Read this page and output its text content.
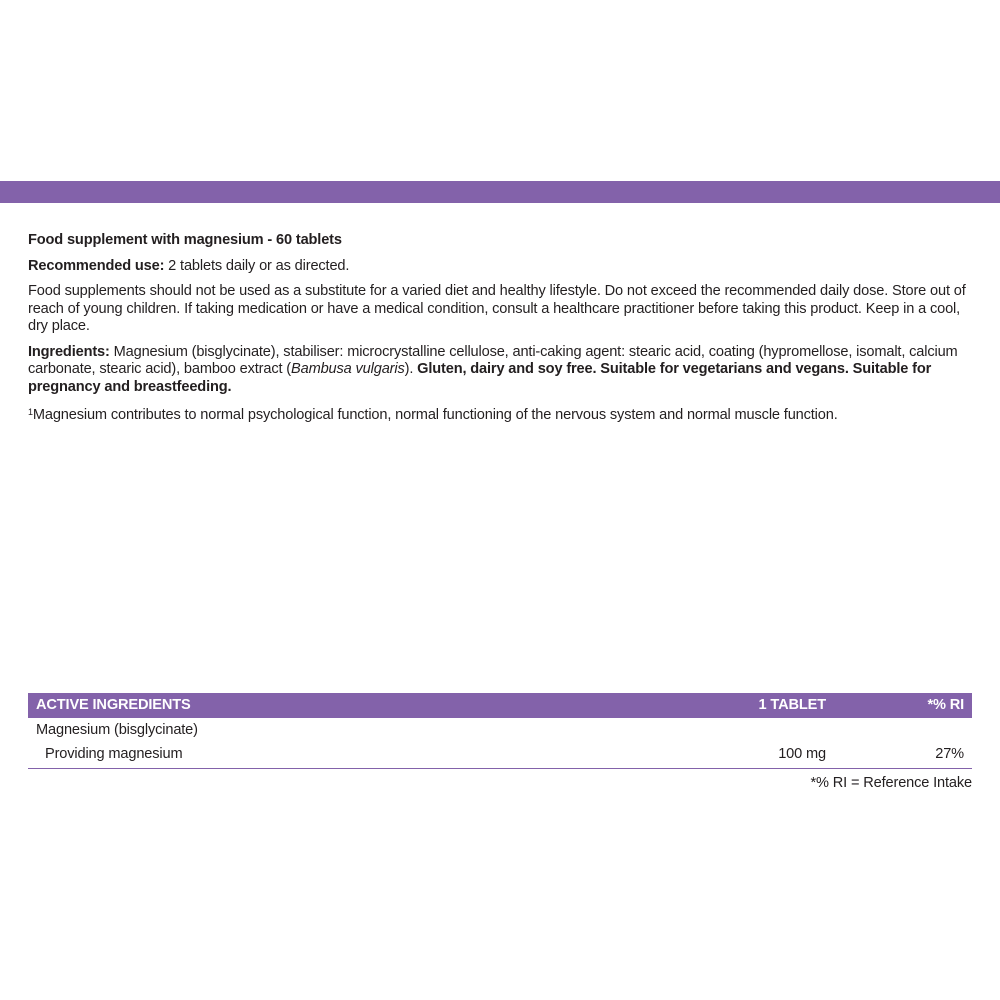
Food supplement with magnesium - 60 tablets

Recommended use: 2 tablets daily or as directed.

Food supplements should not be used as a substitute for a varied diet and healthy lifestyle. Do not exceed the recommended daily dose. Store out of reach of young children. If taking medication or have a medical condition, consult a healthcare practitioner before taking this product. Keep in a cool, dry place.

Ingredients: Magnesium (bisglycinate), stabiliser: microcrystalline cellulose, anti-caking agent: stearic acid, coating (hypromellose, isomalt, calcium carbonate, stearic acid), bamboo extract (Bambusa vulgaris). Gluten, dairy and soy free. Suitable for vegetarians and vegans. Suitable for pregnancy and breastfeeding.

$^1$Magnesium contributes to normal psychological function, normal functioning of the nervous system and normal muscle function.

ACTIVE INGREDIENTS	1 TABLET	*% RI
Magnesium (bisglycinate)
Providing magnesium	100 mg	27%
*% RI = Reference Intake
